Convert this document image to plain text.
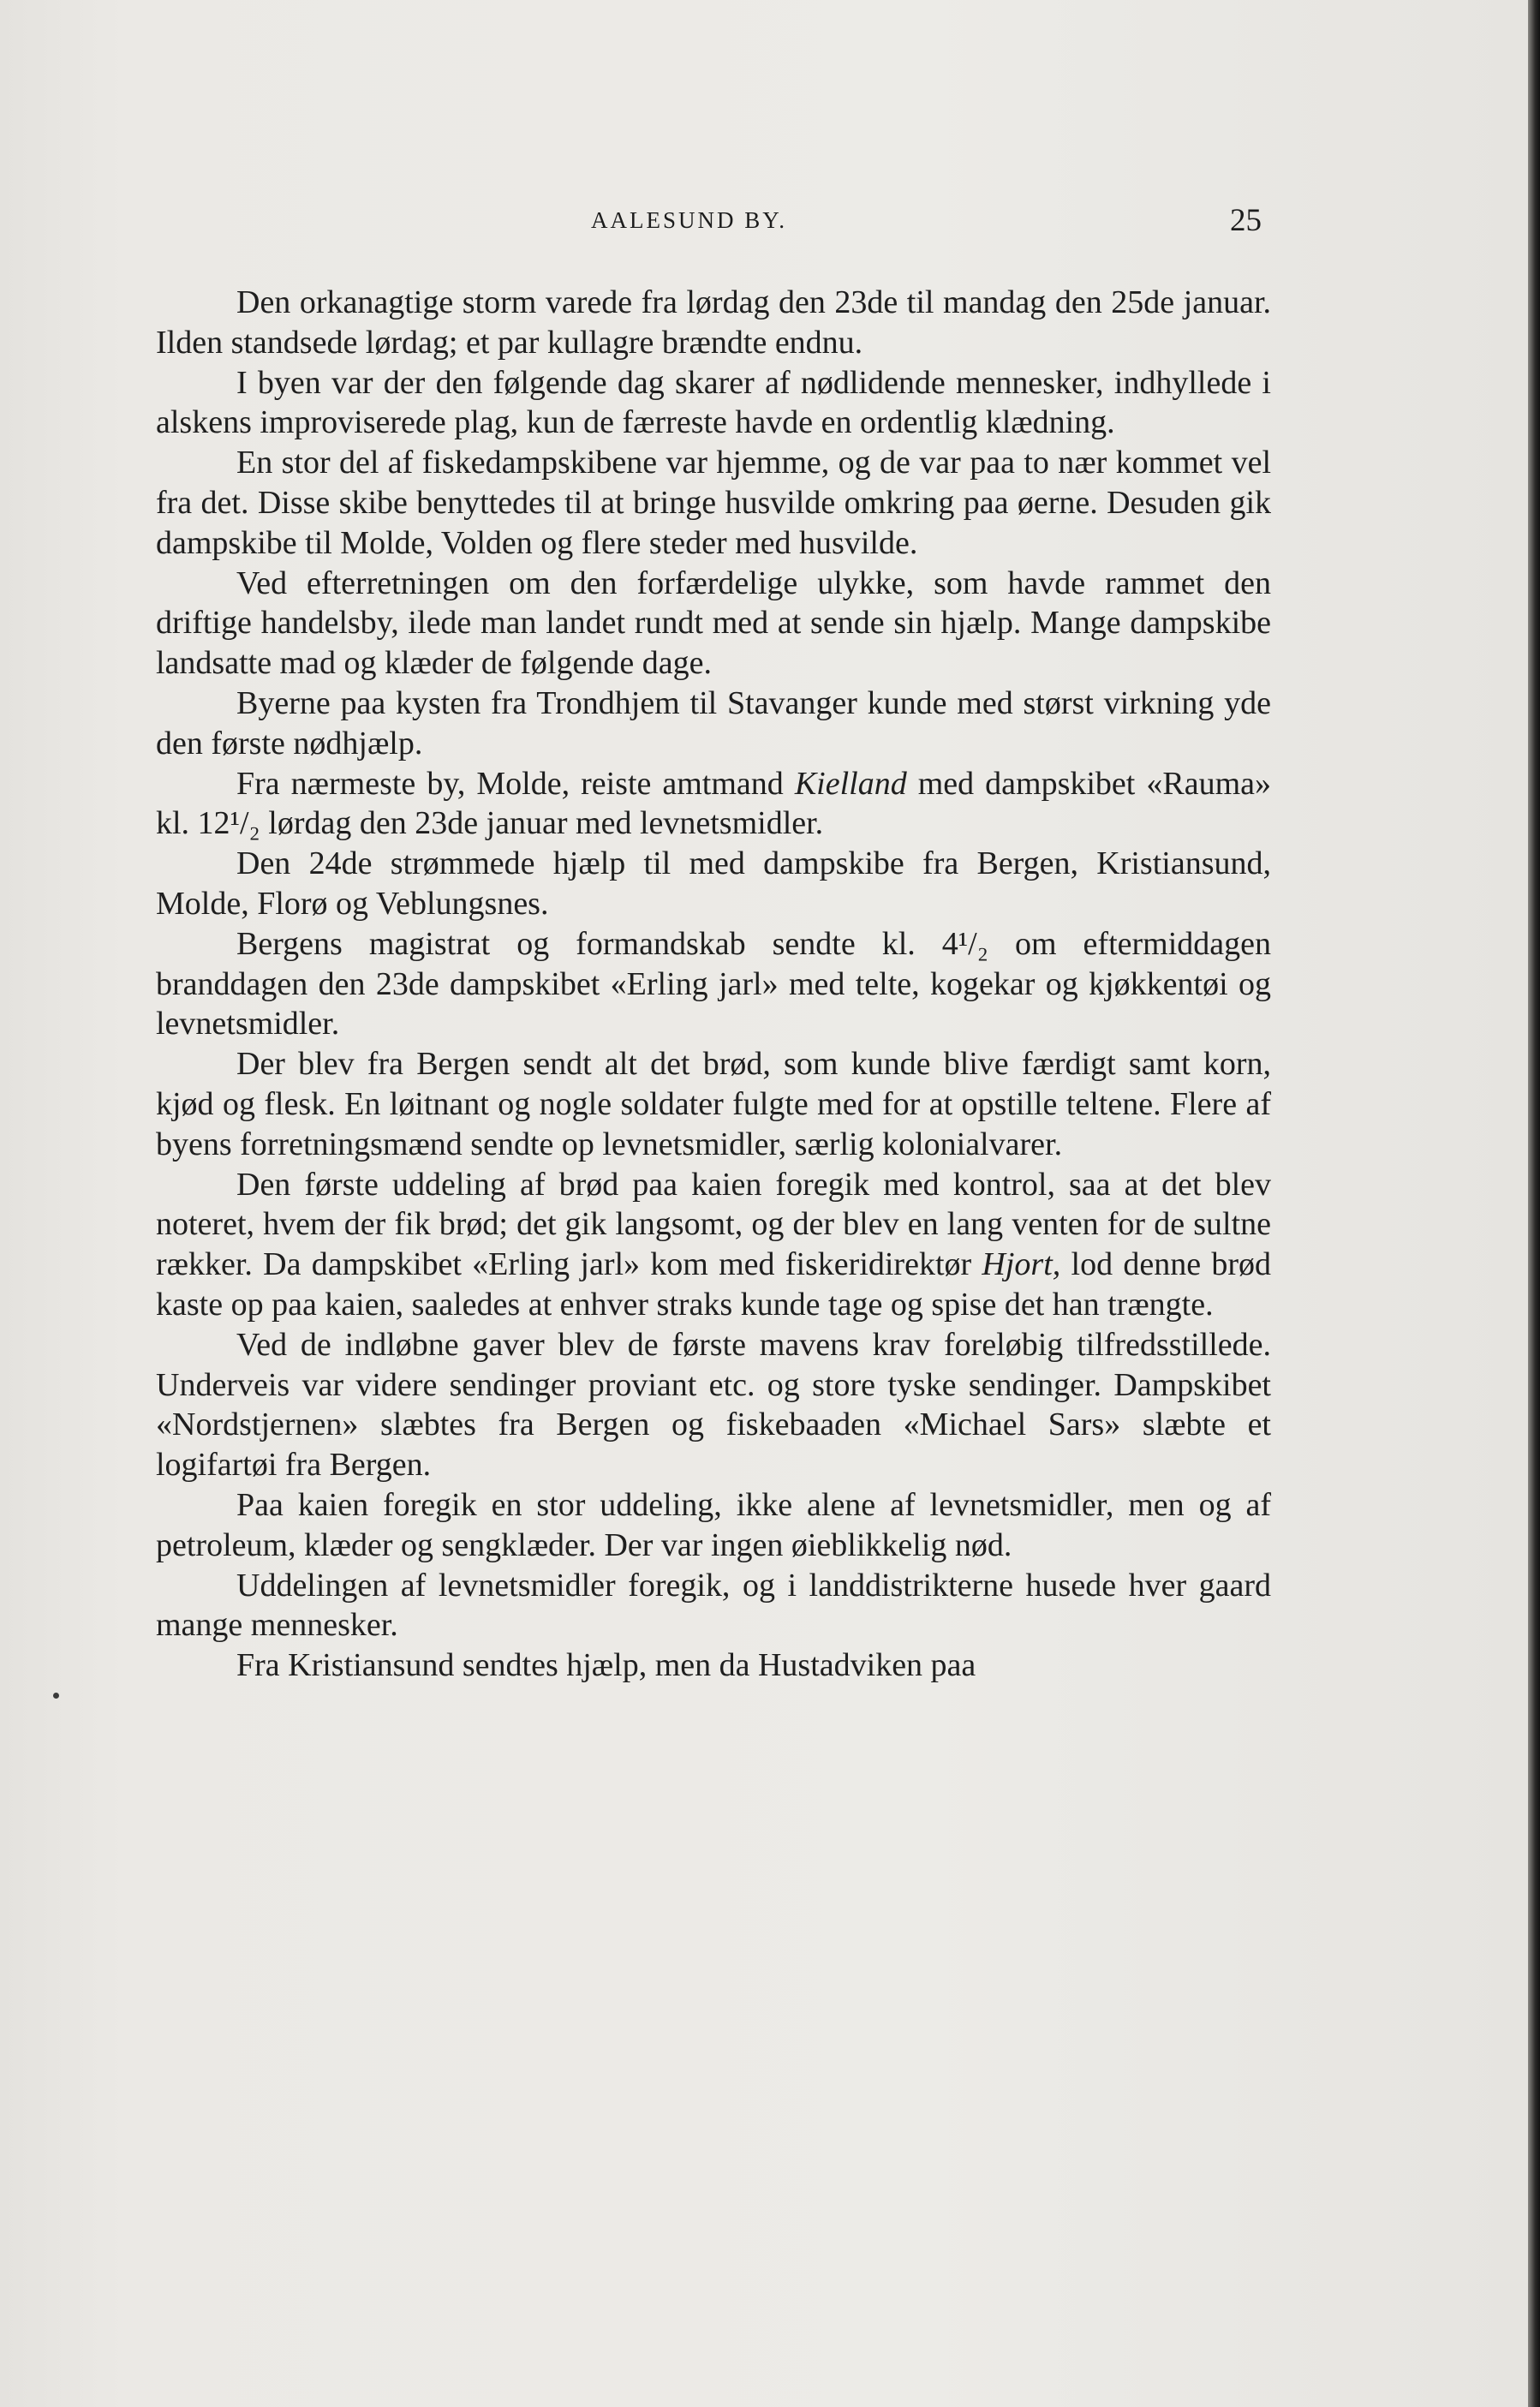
AALESUND BY.	25

Den orkanagtige storm varede fra lørdag den 23de til mandag den 25de januar. Ilden standsede lørdag; et par kullagre brændte endnu.

I byen var der den følgende dag skarer af nødlidende mennesker, indhyllede i alskens improviserede plag, kun de færreste havde en ordentlig klædning.

En stor del af fiskedampskibene var hjemme, og de var paa to nær kommet vel fra det. Disse skibe benyttedes til at bringe husvilde omkring paa øerne. Desuden gik dampskibe til Molde, Volden og flere steder med husvilde.

Ved efterretningen om den forfærdelige ulykke, som havde rammet den driftige handelsby, ilede man landet rundt med at sende sin hjælp. Mange dampskibe landsatte mad og klæder de følgende dage.

Byerne paa kysten fra Trondhjem til Stavanger kunde med størst virkning yde den første nødhjælp.

Fra nærmeste by, Molde, reiste amtmand Kielland med dampskibet «Rauma» kl. 12¹/₂ lørdag den 23de januar med levnetsmidler.

Den 24de strømmede hjælp til med dampskibe fra Bergen, Kristiansund, Molde, Florø og Veblungsnes.

Bergens magistrat og formandskab sendte kl. 4¹/₂ om eftermiddagen branddagen den 23de dampskibet «Erling jarl» med telte, kogekar og kjøkkentøi og levnetsmidler.

Der blev fra Bergen sendt alt det brød, som kunde blive færdigt samt korn, kjød og flesk. En løitnant og nogle soldater fulgte med for at opstille teltene. Flere af byens forretningsmænd sendte op levnetsmidler, særlig kolonialvarer.

Den første uddeling af brød paa kaien foregik med kontrol, saa at det blev noteret, hvem der fik brød; det gik langsomt, og der blev en lang venten for de sultne rækker. Da dampskibet «Erling jarl» kom med fiskeridirektør Hjort, lod denne brød kaste op paa kaien, saaledes at enhver straks kunde tage og spise det han trængte.

Ved de indløbne gaver blev de første mavens krav foreløbig tilfredsstillede. Underveis var videre sendinger proviant etc. og store tyske sendinger. Dampskibet «Nordstjernen» slæbtes fra Bergen og fiskebaaden «Michael Sars» slæbte et logifartøi fra Bergen.

Paa kaien foregik en stor uddeling, ikke alene af levnetsmidler, men og af petroleum, klæder og sengklæder. Der var ingen øieblikkelig nød.

Uddelingen af levnetsmidler foregik, og i landdistrikterne husede hver gaard mange mennesker.

Fra Kristiansund sendtes hjælp, men da Hustadviken paa
